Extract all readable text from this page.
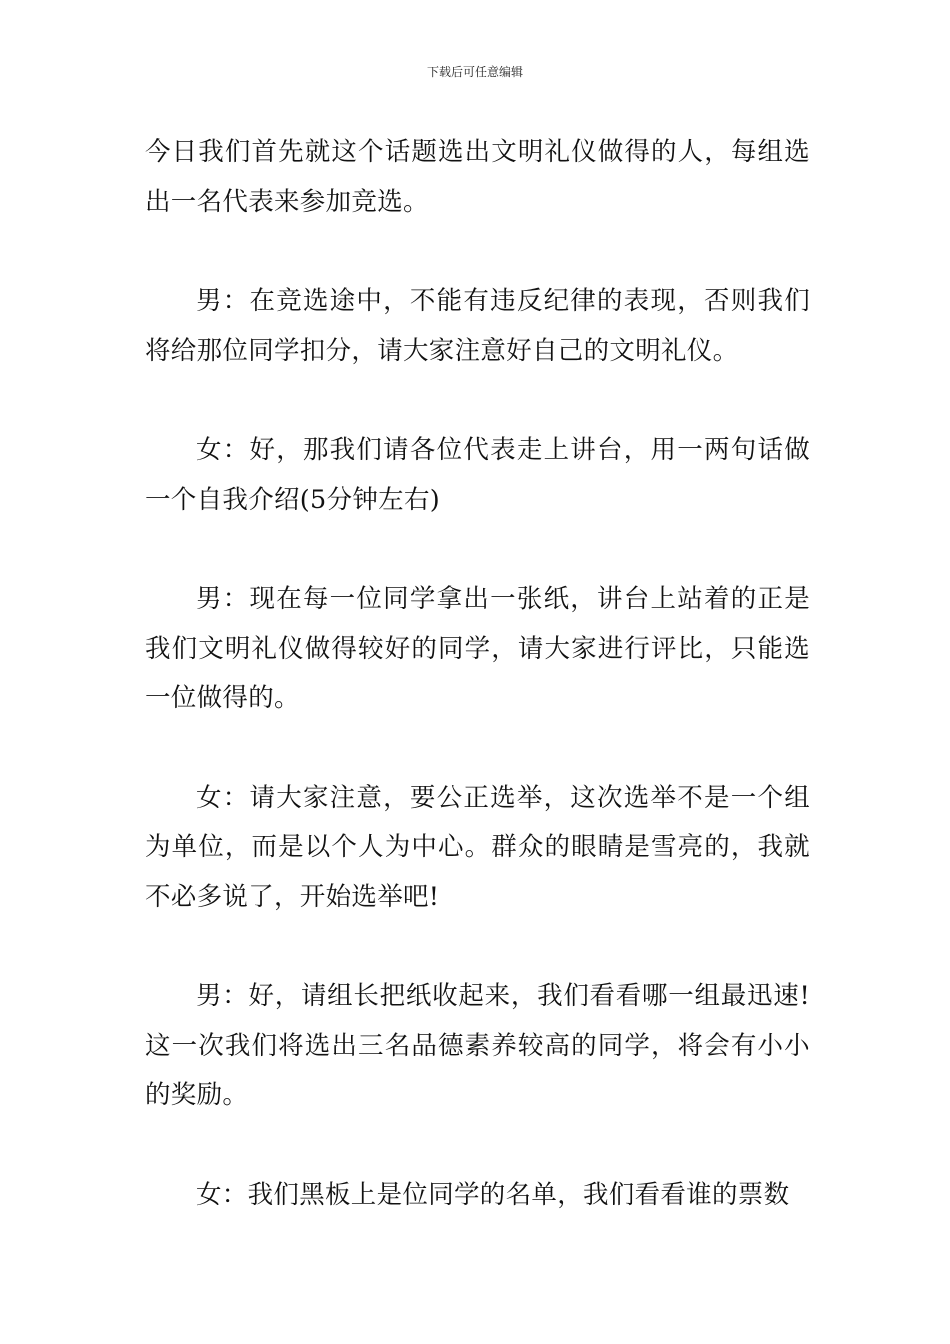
下载后可任意编辑

今日我们首先就这个话题选出文明礼仪做得的人，每组选出一名代表来参加竞选。

男：在竞选途中，不能有违反纪律的表现，否则我们将给那位同学扣分，请大家注意好自己的文明礼仪。

女：好，那我们请各位代表走上讲台，用一两句话做一个自我介绍(5分钟左右)

男：现在每一位同学拿出一张纸，讲台上站着的正是我们文明礼仪做得较好的同学，请大家进行评比，只能选一位做得的。

女：请大家注意，要公正选举，这次选举不是一个组为单位，而是以个人为中心。群众的眼睛是雪亮的，我就不必多说了，开始选举吧!

男：好，请组长把纸收起来，我们看看哪一组最迅速!这一次我们将选出三名品德素养较高的同学，将会有小小的奖励。

女：我们黑板上是位同学的名单，我们看看谁的票数
